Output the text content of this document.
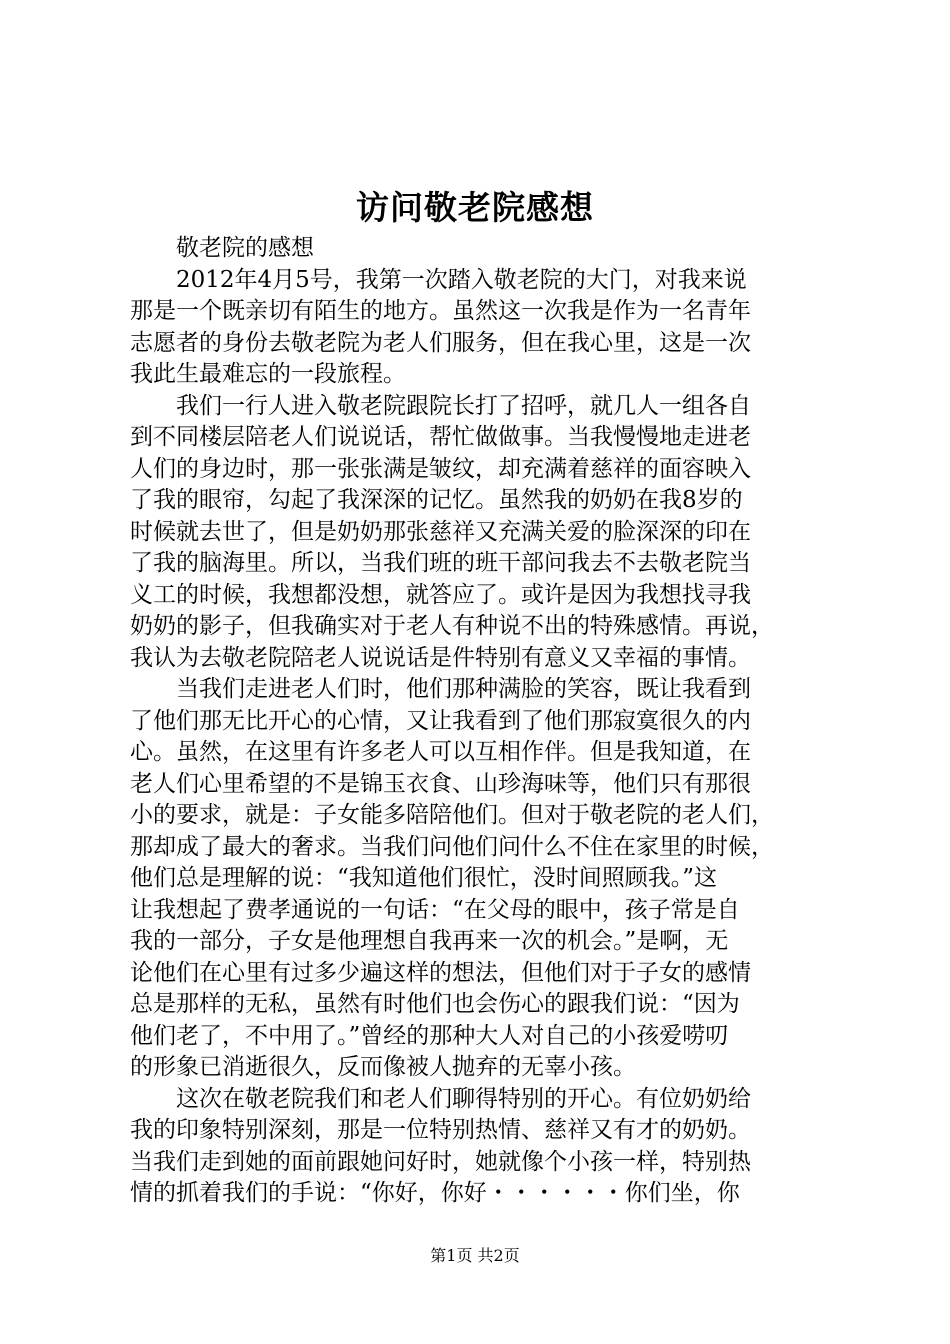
访问敬老院感想

敬老院的感想

2012年4月5号，我第一次踏入敬老院的大门，对我来说
那是一个既亲切有陌生的地方。虽然这一次我是作为一名青年
志愿者的身份去敬老院为老人们服务，但在我心里，这是一次
我此生最难忘的一段旅程。

我们一行人进入敬老院跟院长打了招呼，就几人一组各自
到不同楼层陪老人们说说话，帮忙做做事。当我慢慢地走进老
人们的身边时，那一张张满是皱纹，却充满着慈祥的面容映入
了我的眼帘，勾起了我深深的记忆。虽然我的奶奶在我8岁的
时候就去世了，但是奶奶那张慈祥又充满关爱的脸深深的印在
了我的脑海里。所以，当我们班的班干部问我去不去敬老院当
义工的时候，我想都没想，就答应了。或许是因为我想找寻我
奶奶的影子，但我确实对于老人有种说不出的特殊感情。再说，
我认为去敬老院陪老人说说话是件特别有意义又幸福的事情。

当我们走进老人们时，他们那种满脸的笑容，既让我看到
了他们那无比开心的心情，又让我看到了他们那寂寞很久的内
心。虽然，在这里有许多老人可以互相作伴。但是我知道，在
老人们心里希望的不是锦玉衣食、山珍海味等，他们只有那很
小的要求，就是：子女能多陪陪他们。但对于敬老院的老人们，
那却成了最大的奢求。当我们问他们问什么不住在家里的时候，
他们总是理解的说：“我知道他们很忙，没时间照顾我。”这
让我想起了费孝通说的一句话：“在父母的眼中，孩子常是自
我的一部分，子女是他理想自我再来一次的机会。”是啊，无
论他们在心里有过多少遍这样的想法，但他们对于子女的感情
总是那样的无私，虽然有时他们也会伤心的跟我们说：“因为
他们老了，不中用了。”曾经的那种大人对自己的小孩爱唠叨
的形象已消逝很久，反而像被人抛弃的无辜小孩。

这次在敬老院我们和老人们聊得特别的开心。有位奶奶给
我的印象特别深刻，那是一位特别热情、慈祥又有才的奶奶。
当我们走到她的面前跟她问好时，她就像个小孩一样，特别热
情的抓着我们的手说：“你好，你好・・・・・・你们坐，你

第1页 共2页
